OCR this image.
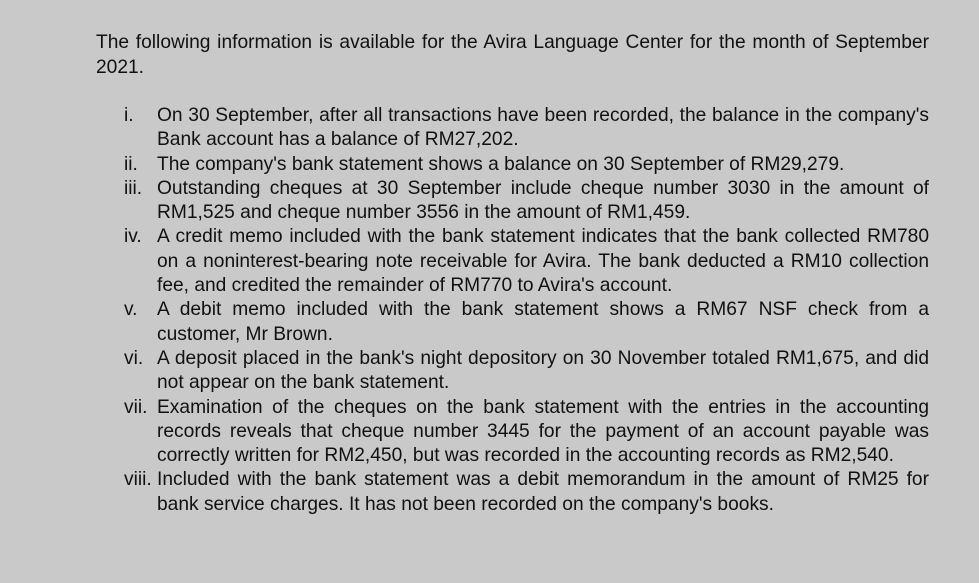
The following information is available for the Avira Language Center for the month of September 2021.

i.	On 30 September, after all transactions have been recorded, the balance in the company's Bank account has a balance of RM27,202.
ii. The company's bank statement shows a balance on 30 September of RM29,279.
iii. Outstanding cheques at 30 September include cheque number 3030 in the amount of RM1,525 and cheque number 3556 in the amount of RM1,459.
iv. A credit memo included with the bank statement indicates that the bank collected RM780 on a noninterest-bearing note receivable for Avira. The bank deducted a RM10 collection fee, and credited the remainder of RM770 to Avira's account.
v.	A debit memo included with the bank statement shows a RM67 NSF check from a customer, Mr Brown.
vi. A deposit placed in the bank's night depository on 30 November totaled RM1,675, and did not appear on the bank statement.
vii. Examination of the cheques on the bank statement with the entries in the accounting records reveals that cheque number 3445 for the payment of an account payable was correctly written for RM2,450, but was recorded in the accounting records as RM2,540.
viii. Included with the bank statement was a debit memorandum in the amount of RM25 for bank service charges. It has not been recorded on the company's books.
